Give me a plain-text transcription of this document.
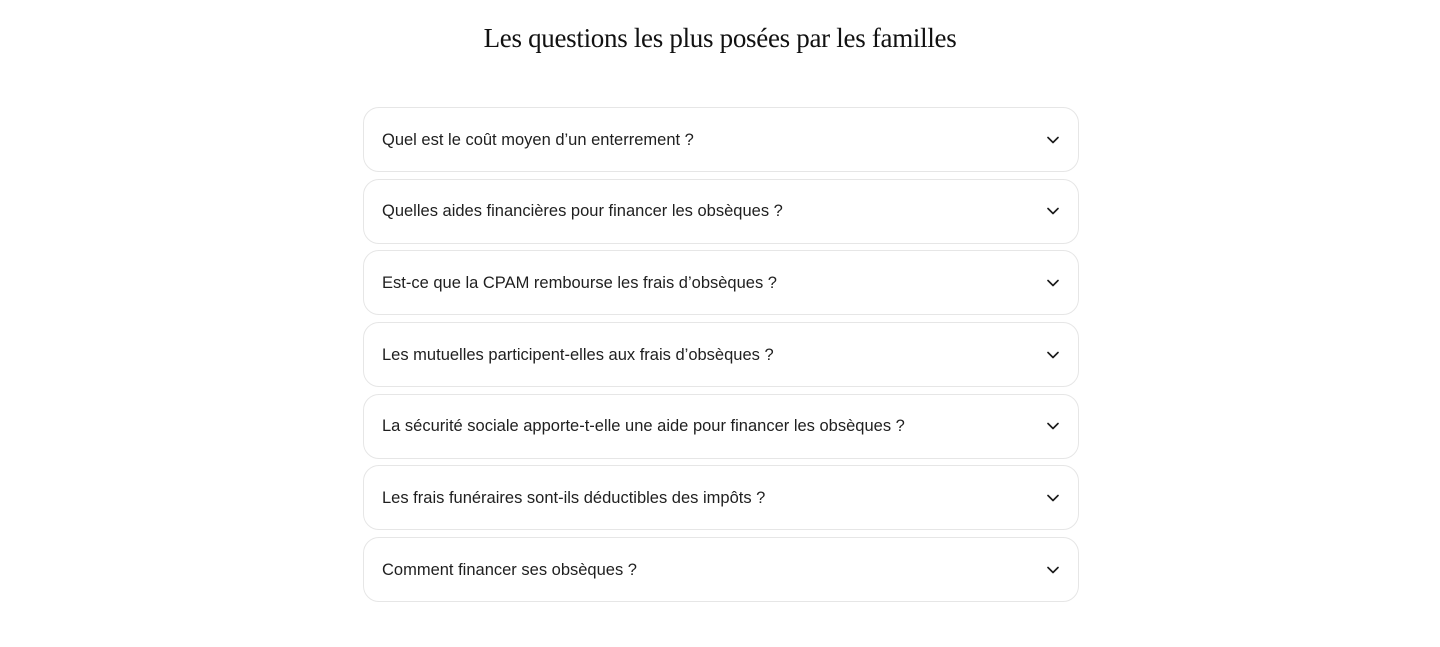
Les questions les plus posées par les familles
Quel est le coût moyen d’un enterrement ?
Quelles aides financières pour financer les obsèques ?
Est-ce que la CPAM rembourse les frais d’obsèques ?
Les mutuelles participent-elles aux frais d’obsèques ?
La sécurité sociale apporte-t-elle une aide pour financer les obsèques ?
Les frais funéraires sont-ils déductibles des impôts ?
Comment financer ses obsèques ?
